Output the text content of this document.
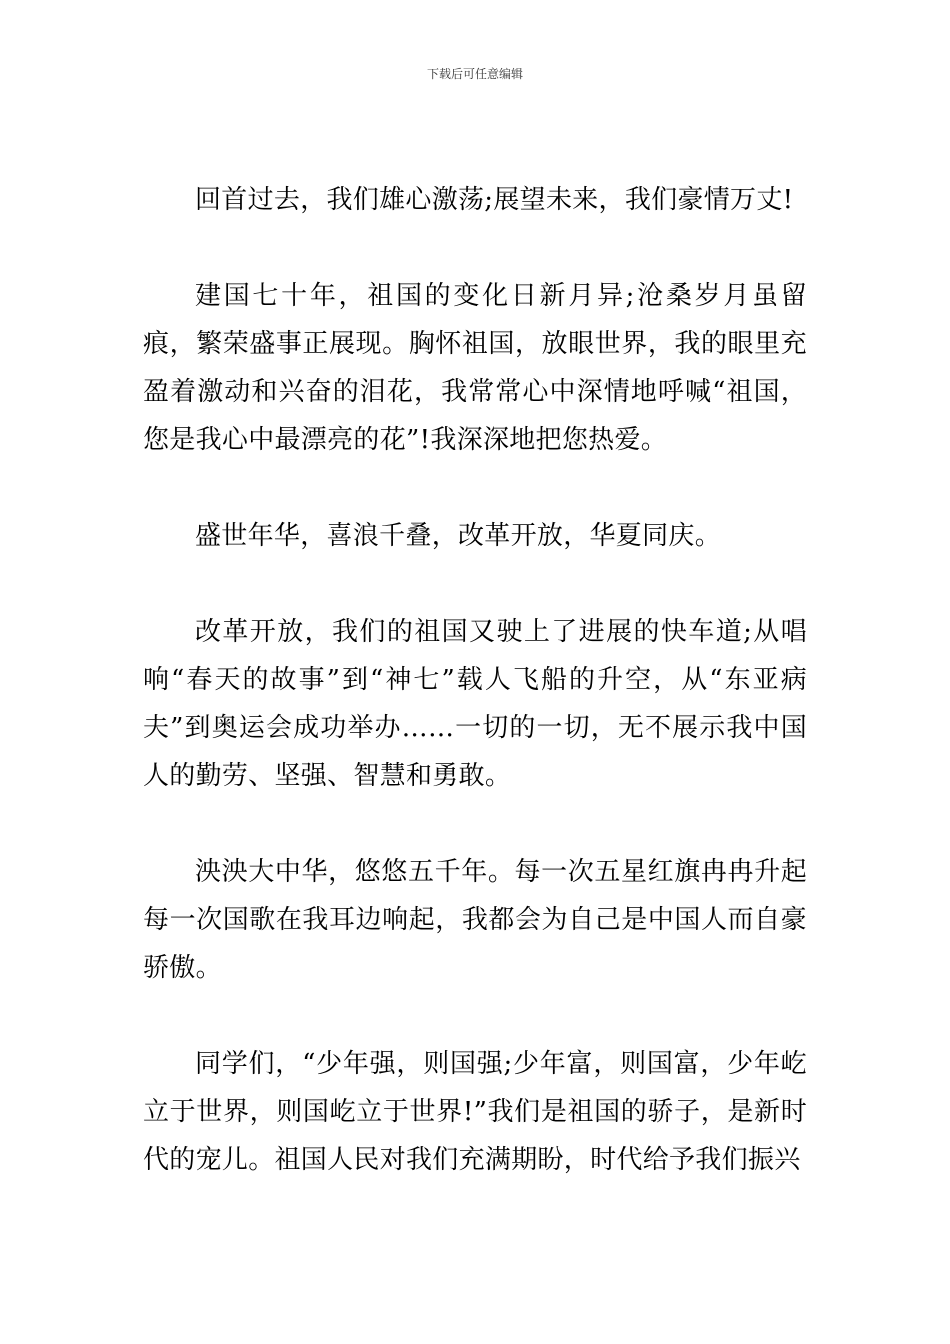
下载后可任意编辑

回首过去，我们雄心激荡;展望未来，我们豪情万丈!

建国七十年，祖国的变化日新月异;沧桑岁月虽留痕，繁荣盛事正展现。胸怀祖国，放眼世界，我的眼里充盈着激动和兴奋的泪花，我常常心中深情地呼喊“祖国，您是我心中最漂亮的花”!我深深地把您热爱。

盛世年华，喜浪千叠，改革开放，华夏同庆。

改革开放，我们的祖国又驶上了进展的快车道;从唱响“春天的故事”到“神七”载人飞船的升空，从“东亚病夫”到奥运会成功举办……一切的一切，无不展示我中国人的勤劳、坚强、智慧和勇敢。

泱泱大中华，悠悠五千年。每一次五星红旗冉冉升起每一次国歌在我耳边响起，我都会为自己是中国人而自豪骄傲。

同学们，“少年强，则国强;少年富，则国富，少年屹立于世界，则国屹立于世界!”我们是祖国的骄子，是新时代的宠儿。祖国人民对我们充满期盼，时代给予我们振兴
